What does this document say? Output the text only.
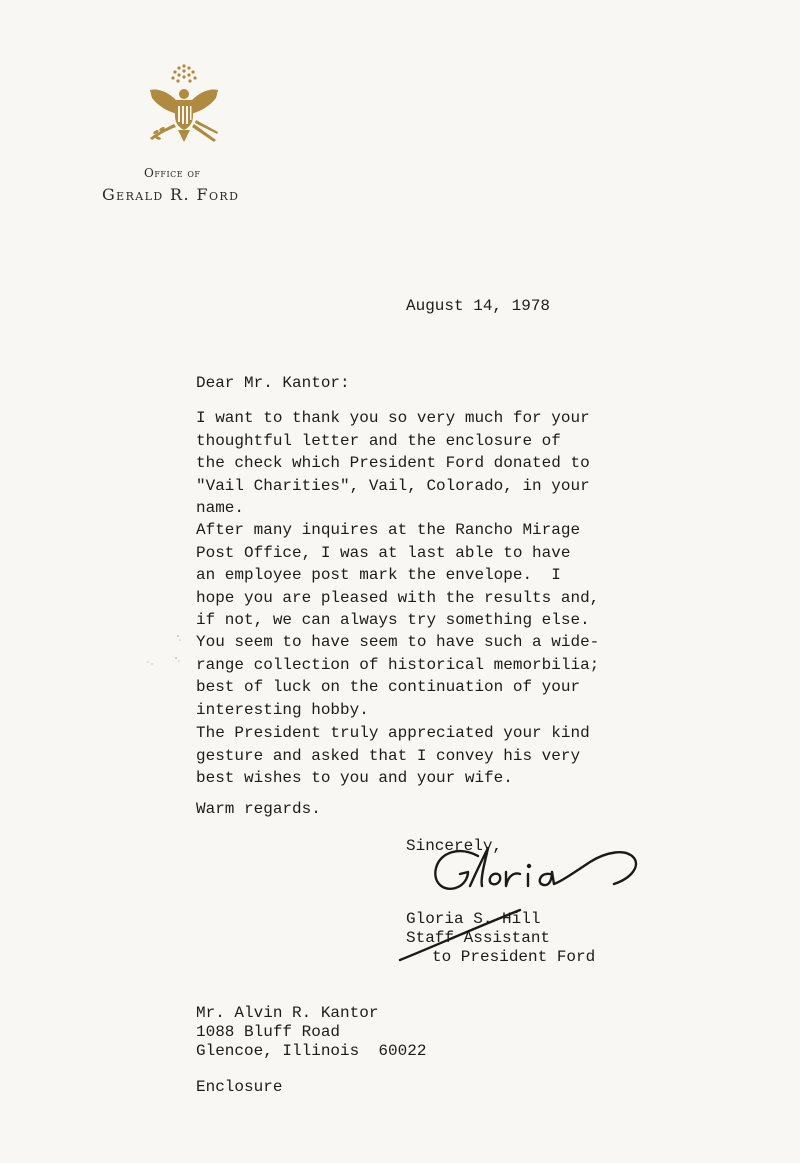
Office of
Gerald R. Ford
August 14, 1978
Dear Mr. Kantor:
I want to thank you so very much for your
thoughtful letter and the enclosure of
the check which President Ford donated to
"Vail Charities", Vail, Colorado, in your
name.
After many inquires at the Rancho Mirage
Post Office, I was at last able to have
an employee post mark the envelope.  I
hope you are pleased with the results and,
if not, we can always try something else.
You seem to have seem to have such a wide-
range collection of historical memorbilia;
best of luck on the continuation of your
interesting hobby.
The President truly appreciated your kind
gesture and asked that I convey his very
best wishes to you and your wife.
Warm regards.
Sincerely,
Gloria S. Hill
Staff Assistant
to President Ford
Mr. Alvin R. Kantor
1088 Bluff Road
Glencoe, Illinois  60022
Enclosure
